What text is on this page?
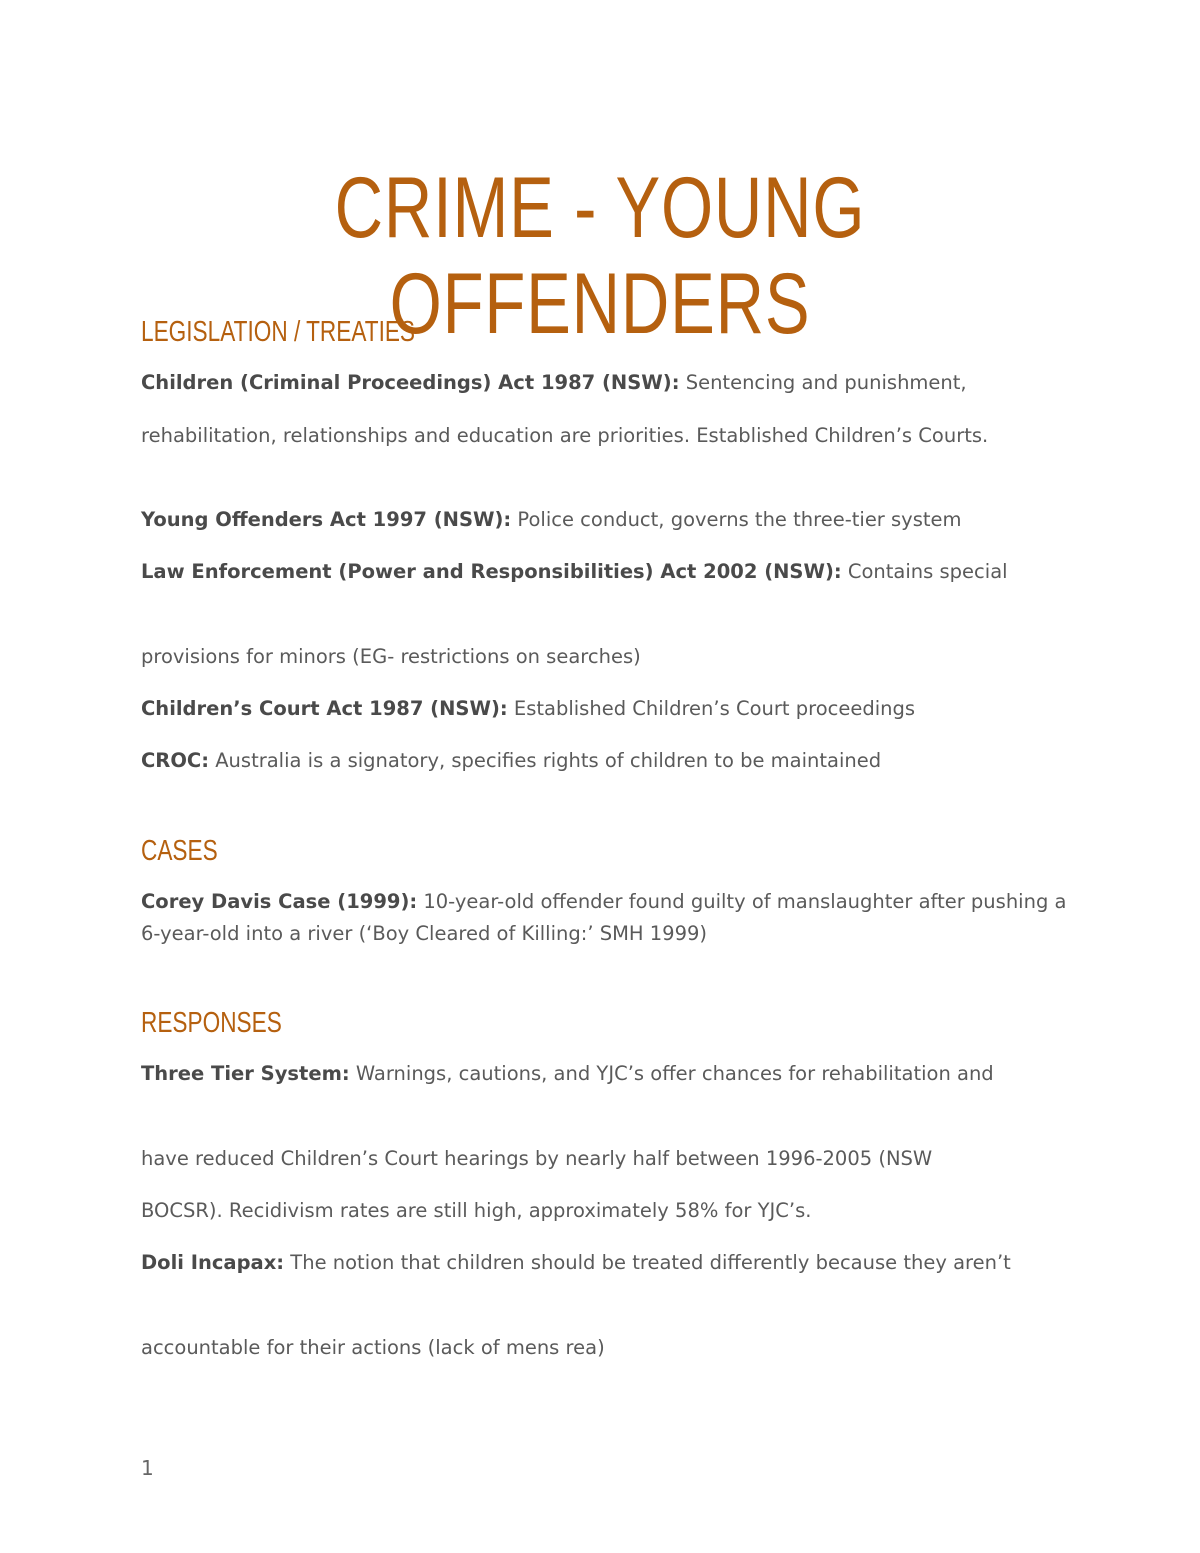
CRIME - YOUNG OFFENDERS
LEGISLATION / TREATIES

Children (Criminal Proceedings) Act 1987 (NSW): Sentencing and punishment,

rehabilitation, relationships and education are priorities. Established Children’s Courts.

Young Offenders Act 1997 (NSW): Police conduct, governs the three-tier system

Law Enforcement (Power and Responsibilities) Act 2002 (NSW): Contains special

provisions for minors (EG- restrictions on searches)

Children’s Court Act 1987 (NSW): Established Children’s Court proceedings

CROC: Australia is a signatory, specifies rights of children to be maintained

CASES

Corey Davis Case (1999): 10-year-old offender found guilty of manslaughter after pushing a 6-year-old into a river (‘Boy Cleared of Killing:’ SMH 1999)

RESPONSES

Three Tier System: Warnings, cautions, and YJC’s offer chances for rehabilitation and

have reduced Children’s Court hearings by nearly half between 1996-2005 (NSW

BOCSR). Recidivism rates are still high, approximately 58% for YJC’s.

Doli Incapax: The notion that children should be treated differently because they aren’t

accountable for their actions (lack of mens rea)

1
